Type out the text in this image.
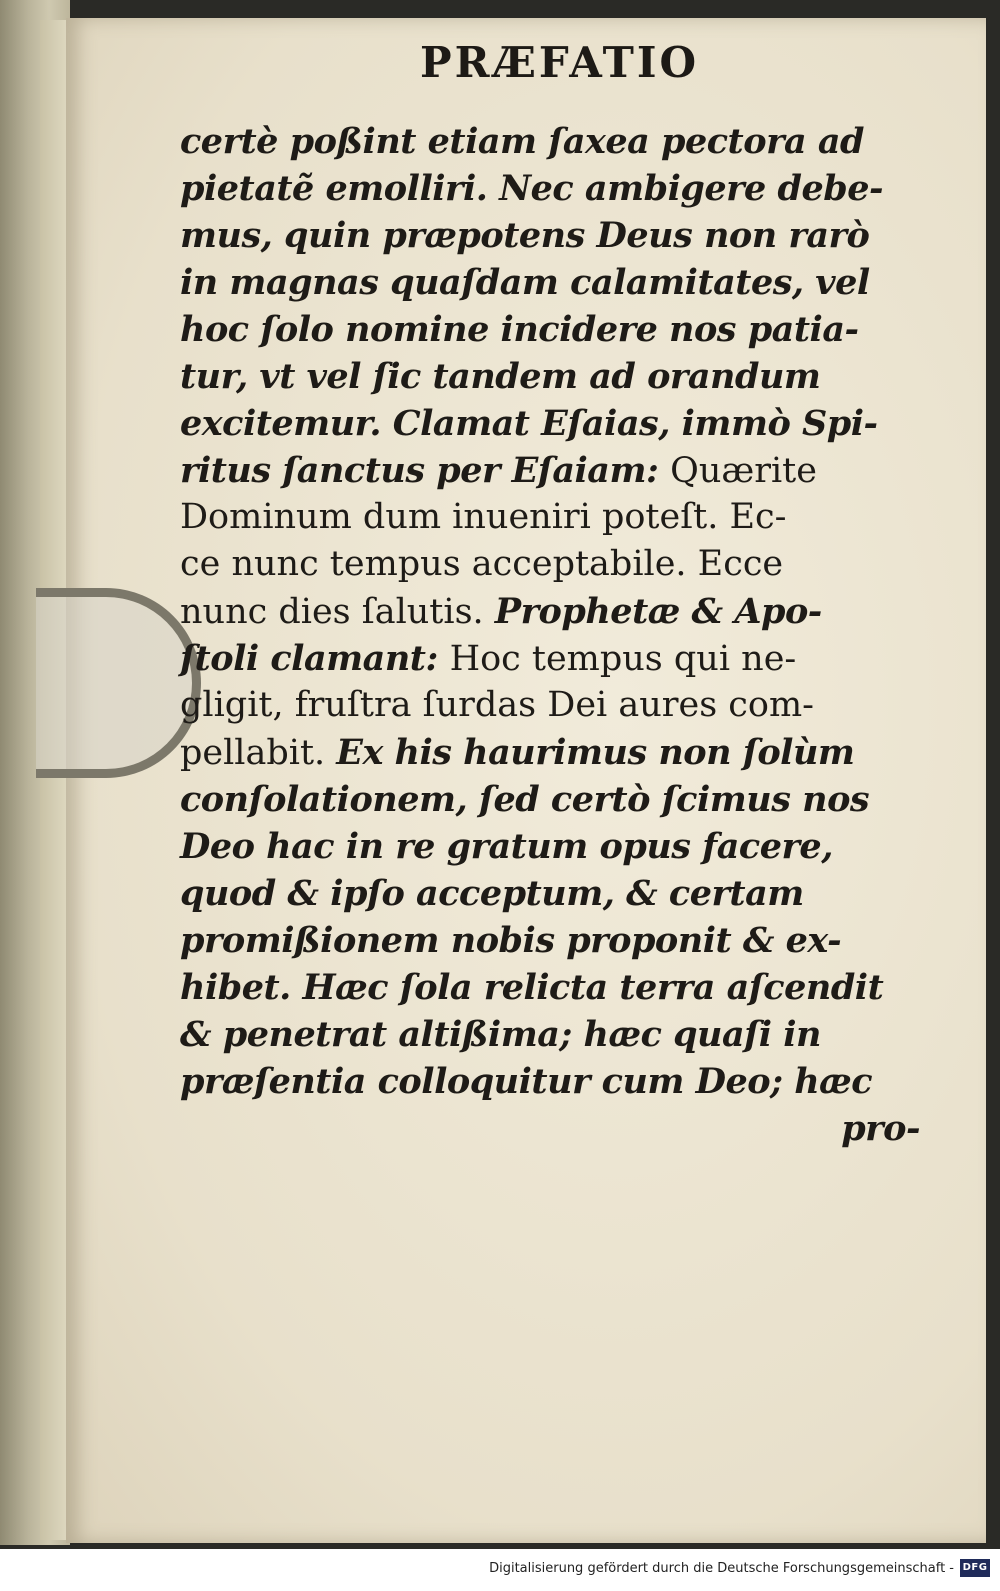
PRÆFATIO
certè poßint etiam ſaxea pectora ad
pietatẽ emolliri. Nec ambigere debe-
mus, quin præpotens Deus non rarò
in magnas quaſdam calamitates, vel
hoc ſolo nomine incidere nos patia-
tur, vt vel ſic tandem ad orandum
excitemur. Clamat Eſaias, immò Spi-
ritus ſanctus per Eſaiam: Quærite
Dominum dum inueniri poteſt. Ec-
ce nunc tempus acceptabile. Ecce
nunc dies ſalutis. Prophetæ & Apo-
ſtoli clamant: Hoc tempus qui ne-
gligit, fruſtra ſurdas Dei aures com-
pellabit. Ex his haurimus non ſolùm
conſolationem, ſed certò ſcimus nos
Deo hac in re gratum opus facere,
quod & ipſo acceptum, & certam
promißionem nobis proponit & ex-
hibet. Hæc ſola relicta terra aſcendit
& penetrat altißima; hæc quaſi in
præſentia colloquitur cum Deo; hæc
pro-
Digitalisierung gefördert durch die Deutsche Forschungsgemeinschaft - DFG
